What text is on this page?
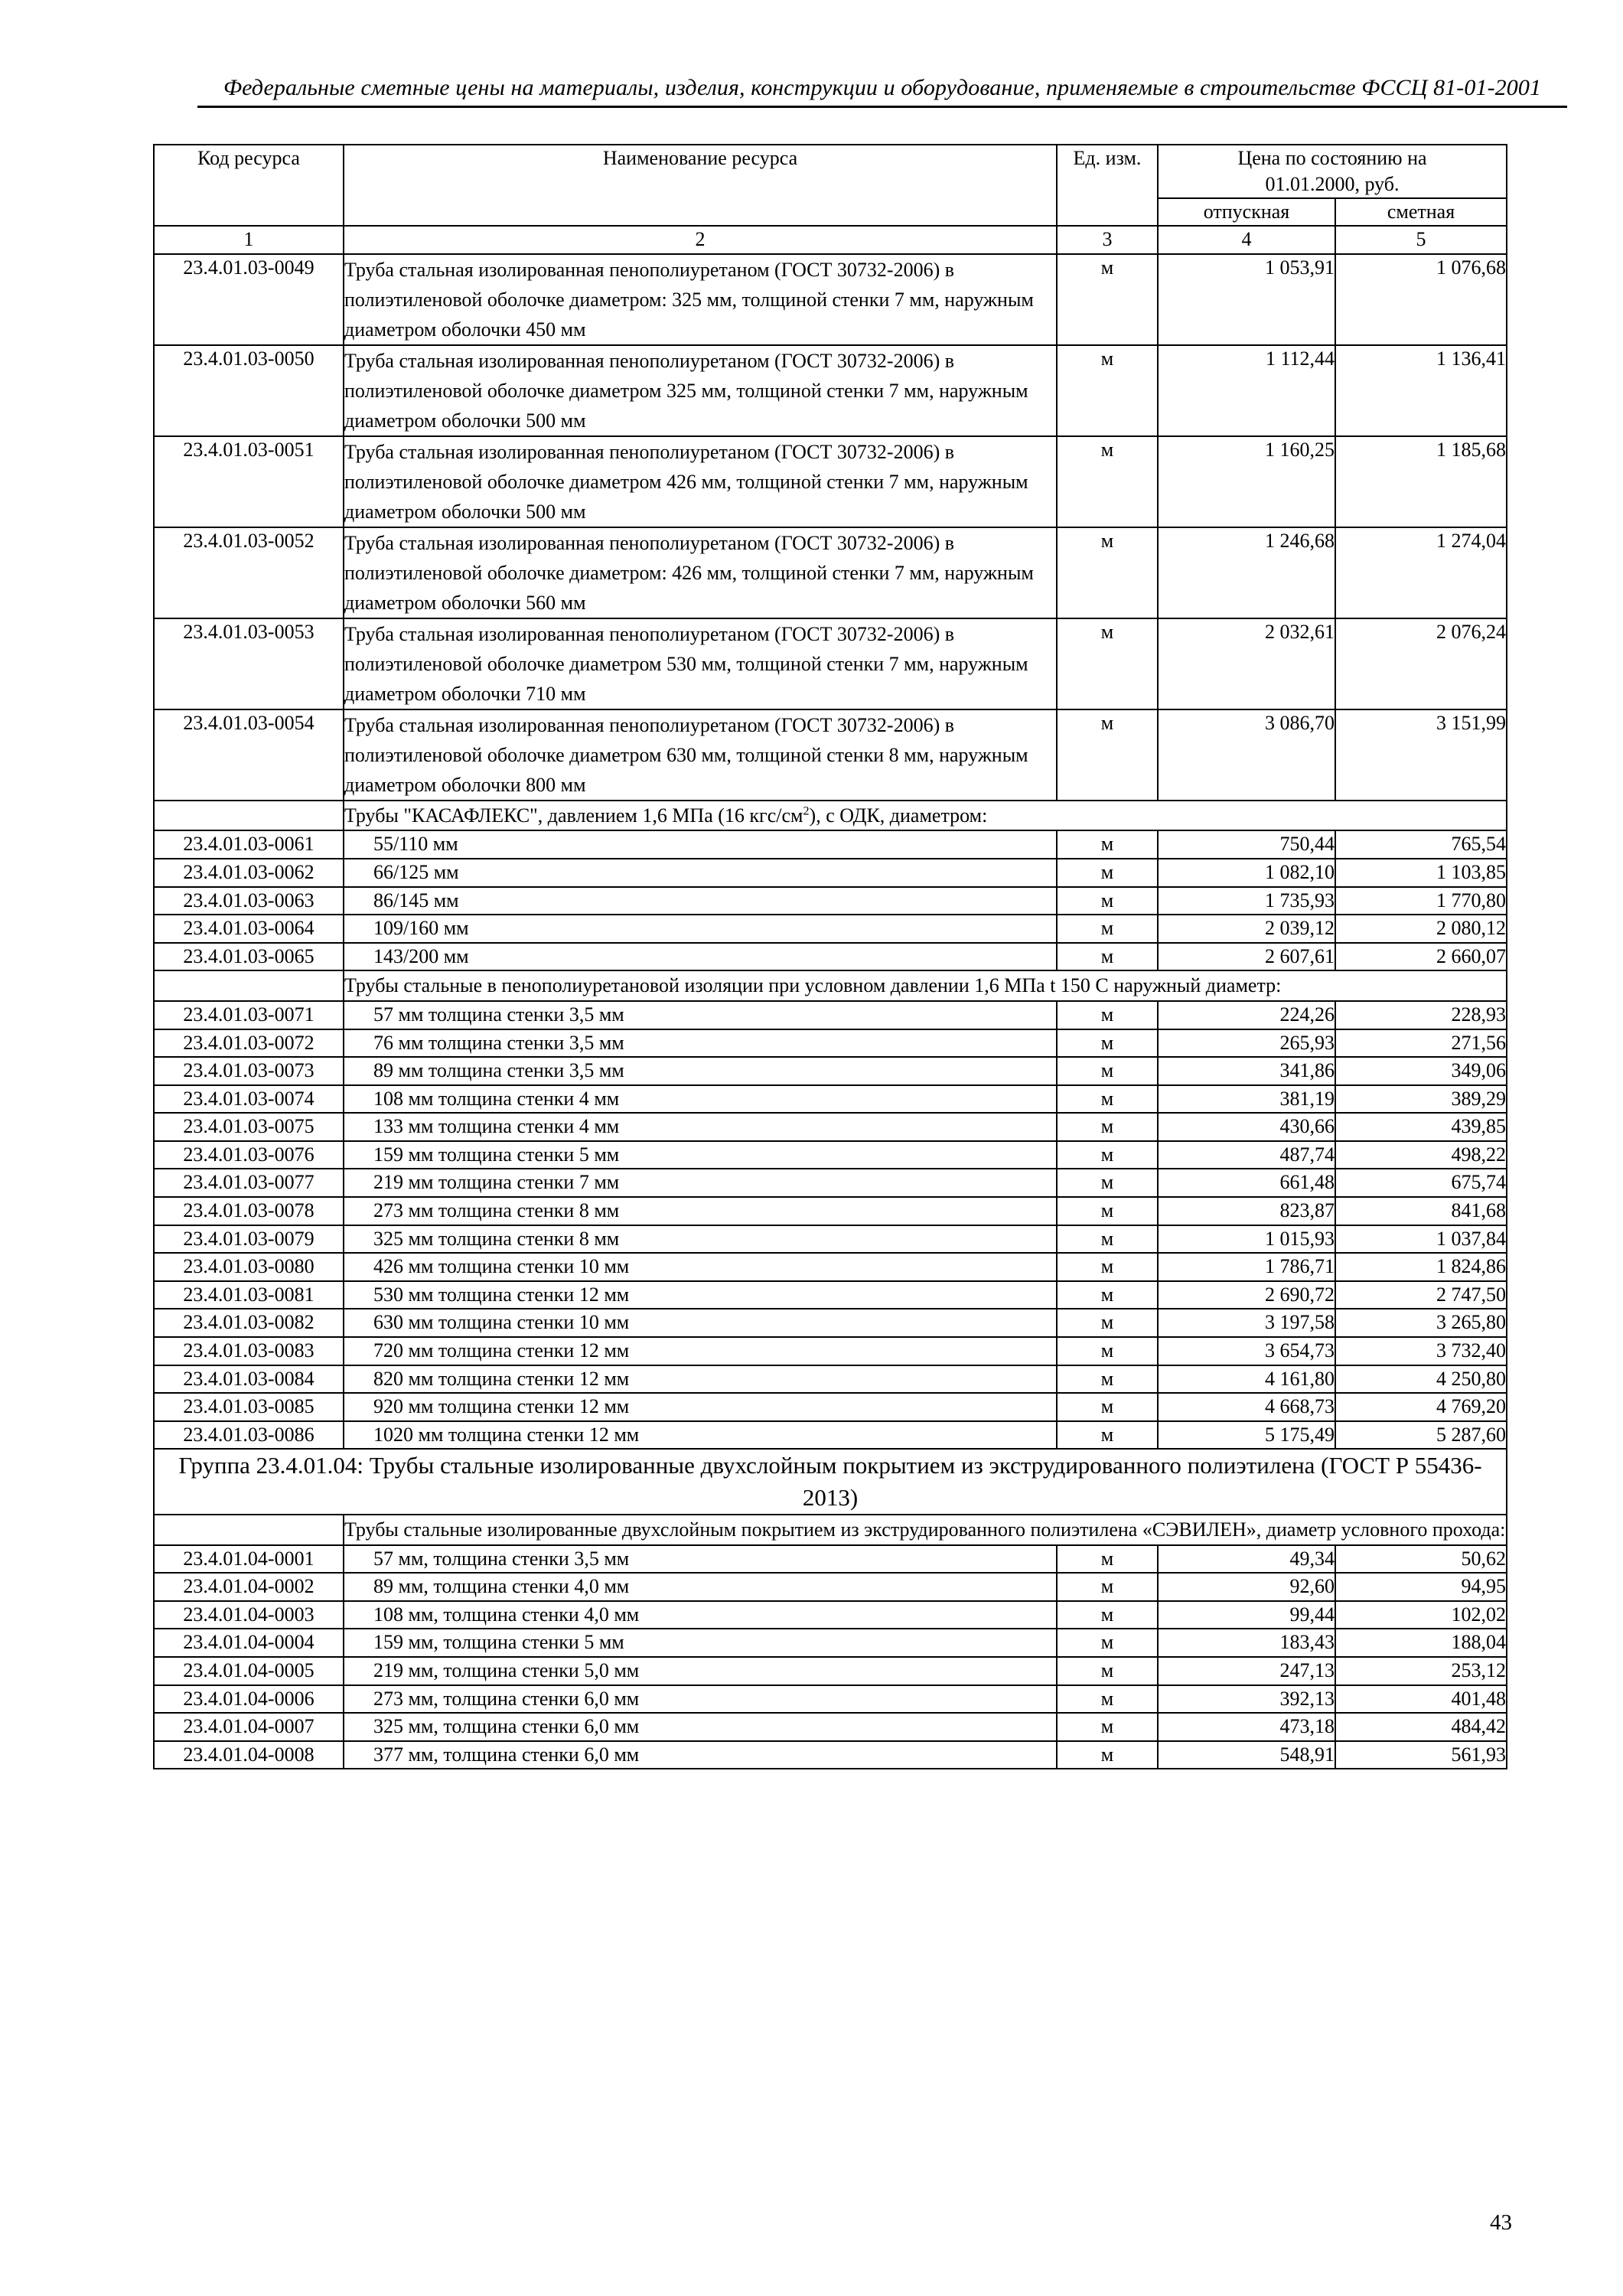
Федеральные сметные цены на материалы, изделия, конструкции и оборудование, применяемые в строительстве ФССЦ 81-01-2001
Код ресурса	Наименование ресурса	Ед. изм.	Цена по состоянию на
01.01.2000, руб.	

			отпускная	сметная
1	2	3	4	5
23.4.01.03-0049	Труба стальная изолированная пенополиуретаном (ГОСТ 30732-2006) в полиэтиленовой оболочке диаметром: 325 мм, толщиной стенки 7 мм, наружным диаметром оболочки 450 мм	м	1 053,91	1 076,68
23.4.01.03-0050	Труба стальная изолированная пенополиуретаном (ГОСТ 30732-2006) в полиэтиленовой оболочке диаметром 325 мм, толщиной стенки 7 мм, наружным диаметром оболочки 500 мм	м	1 112,44	1 136,41
23.4.01.03-0051	Труба стальная изолированная пенополиуретаном (ГОСТ 30732-2006) в полиэтиленовой оболочке диаметром 426 мм, толщиной стенки 7 мм, наружным диаметром оболочки 500 мм	м	1 160,25	1 185,68
23.4.01.03-0052	Труба стальная изолированная пенополиуретаном (ГОСТ 30732-2006) в полиэтиленовой оболочке диаметром: 426 мм, толщиной стенки 7 мм, наружным диаметром оболочки 560 мм	м	1 246,68	1 274,04
23.4.01.03-0053	Труба стальная изолированная пенополиуретаном (ГОСТ 30732-2006) в полиэтиленовой оболочке диаметром 530 мм, толщиной стенки 7 мм, наружным диаметром оболочки 710 мм	м	2 032,61	2 076,24
23.4.01.03-0054	Труба стальная изолированная пенополиуретаном (ГОСТ 30732-2006) в полиэтиленовой оболочке диаметром 630 мм, толщиной стенки 8 мм, наружным диаметром оболочки 800 мм	м	3 086,70	3 151,99
	Трубы "КАСАФЛЕКС", давлением 1,6 МПа (16 кгс/$см^2$), с ОДК, диаметром:			
23.4.01.03-0061	55/110 мм	м	750,44	765,54
23.4.01.03-0062	66/125 мм	м	1 082,10	1 103,85
23.4.01.03-0063	86/145 мм	м	1 735,93	1 770,80
23.4.01.03-0064	109/160 мм	м	2 039,12	2 080,12
23.4.01.03-0065	143/200 мм	м	2 607,61	2 660,07
	Трубы стальные в пенополиуретановой изоляции при условном давлении 1,6 МПа t 150 С наружный диаметр:			
23.4.01.03-0071	57 мм толщина стенки 3,5 мм	м	224,26	228,93
23.4.01.03-0072	76 мм толщина стенки 3,5 мм	м	265,93	271,56
23.4.01.03-0073	89 мм толщина стенки 3,5 мм	м	341,86	349,06
23.4.01.03-0074	108 мм толщина стенки 4 мм	м	381,19	389,29
23.4.01.03-0075	133 мм толщина стенки 4 мм	м	430,66	439,85
23.4.01.03-0076	159 мм толщина стенки 5 мм	м	487,74	498,22
23.4.01.03-0077	219 мм толщина стенки 7 мм	м	661,48	675,74
23.4.01.03-0078	273 мм толщина стенки 8 мм	м	823,87	841,68
23.4.01.03-0079	325 мм толщина стенки 8 мм	м	1 015,93	1 037,84
23.4.01.03-0080	426 мм толщина стенки 10 мм	м	1 786,71	1 824,86
23.4.01.03-0081	530 мм толщина стенки 12 мм	м	2 690,72	2 747,50
23.4.01.03-0082	630 мм толщина стенки 10 мм	м	3 197,58	3 265,80
23.4.01.03-0083	720 мм толщина стенки 12 мм	м	3 654,73	3 732,40
23.4.01.03-0084	820 мм толщина стенки 12 мм	м	4 161,80	4 250,80
23.4.01.03-0085	920 мм толщина стенки 12 мм	м	4 668,73	4 769,20
23.4.01.03-0086	1020 мм толщина стенки 12 мм	м	5 175,49	5 287,60
Группа 23.4.01.04: Трубы стальные изолированные двухслойным покрытием из экструдированного полиэтилена (ГОСТ Р 55436-2013)				
	Трубы стальные изолированные двухслойным покрытием из экструдированного полиэтилена «СЭВИЛЕН», диаметр условного прохода:			
23.4.01.04-0001	57 мм, толщина стенки 3,5 мм	м	49,34	50,62
23.4.01.04-0002	89 мм, толщина стенки 4,0 мм	м	92,60	94,95
23.4.01.04-0003	108 мм, толщина стенки 4,0 мм	м	99,44	102,02
23.4.01.04-0004	159 мм, толщина стенки 5 мм	м	183,43	188,04
23.4.01.04-0005	219 мм, толщина стенки 5,0 мм	м	247,13	253,12
23.4.01.04-0006	273 мм, толщина стенки 6,0 мм	м	392,13	401,48
23.4.01.04-0007	325 мм, толщина стенки 6,0 мм	м	473,18	484,42
23.4.01.04-0008	377 мм, толщина стенки 6,0 мм	м	548,91	561,93
43
